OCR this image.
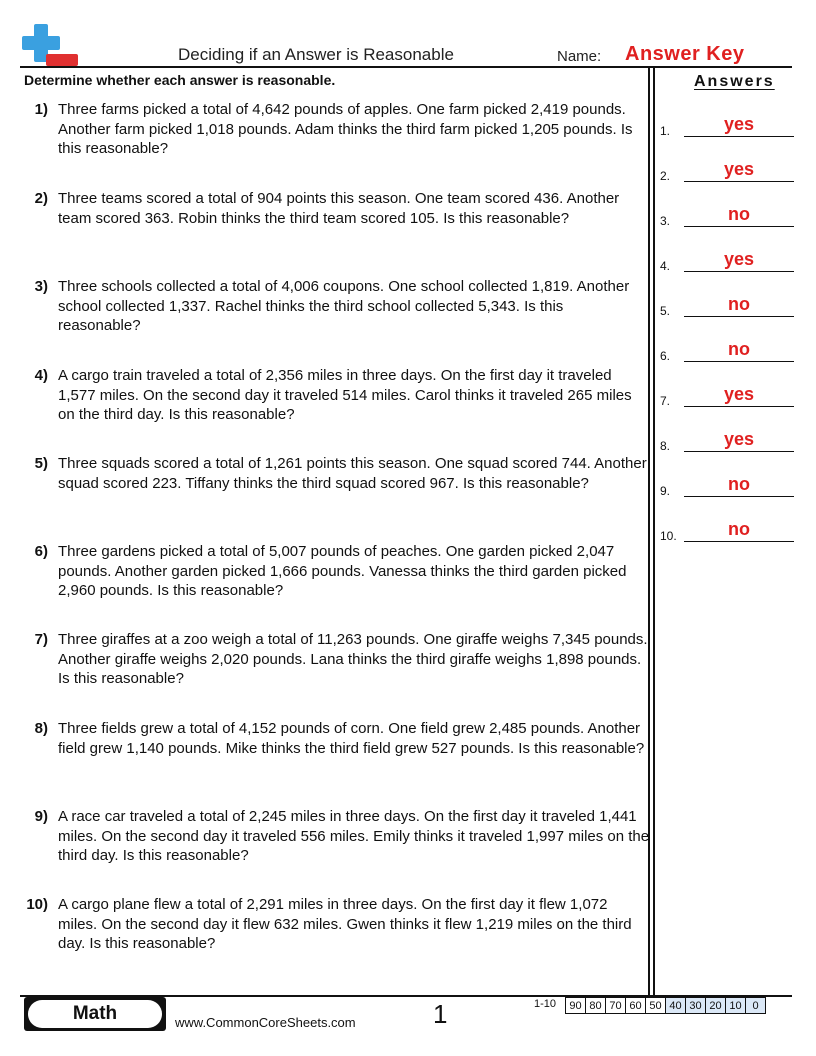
Deciding if an Answer is Reasonable	Name: Answer Key
Determine whether each answer is reasonable.	Answers
1) Three farms picked a total of 4,642 pounds of apples. One farm picked 2,419 pounds. Another farm picked 1,018 pounds. Adam thinks the third farm picked 1,205 pounds. Is this reasonable?
2) Three teams scored a total of 904 points this season. One team scored 436. Another team scored 363. Robin thinks the third team scored 105. Is this reasonable?
3) Three schools collected a total of 4,006 coupons. One school collected 1,819. Another school collected 1,337. Rachel thinks the third school collected 5,343. Is this reasonable?
4) A cargo train traveled a total of 2,356 miles in three days. On the first day it traveled 1,577 miles. On the second day it traveled 514 miles. Carol thinks it traveled 265 miles on the third day. Is this reasonable?
5) Three squads scored a total of 1,261 points this season. One squad scored 744. Another squad scored 223. Tiffany thinks the third squad scored 967. Is this reasonable?
6) Three gardens picked a total of 5,007 pounds of peaches. One garden picked 2,047 pounds. Another garden picked 1,666 pounds. Vanessa thinks the third garden picked 2,960 pounds. Is this reasonable?
7) Three giraffes at a zoo weigh a total of 11,263 pounds. One giraffe weighs 7,345 pounds. Another giraffe weighs 2,020 pounds. Lana thinks the third giraffe weighs 1,898 pounds. Is this reasonable?
8) Three fields grew a total of 4,152 pounds of corn. One field grew 2,485 pounds. Another field grew 1,140 pounds. Mike thinks the third field grew 527 pounds. Is this reasonable?
9) A race car traveled a total of 2,245 miles in three days. On the first day it traveled 1,441 miles. On the second day it traveled 556 miles. Emily thinks it traveled 1,997 miles on the third day. Is this reasonable?
10) A cargo plane flew a total of 2,291 miles in three days. On the first day it flew 1,072 miles. On the second day it flew 632 miles. Gwen thinks it flew 1,219 miles on the third day. Is this reasonable?
1.	yes
2.	yes
3.	no
4.	yes
5.	no
6.	no
7.	yes
8.	yes
9.	no
10.	no
Math	www.CommonCoreSheets.com	1	1-10 90	80	70	60	50	40	30	20	10	0
